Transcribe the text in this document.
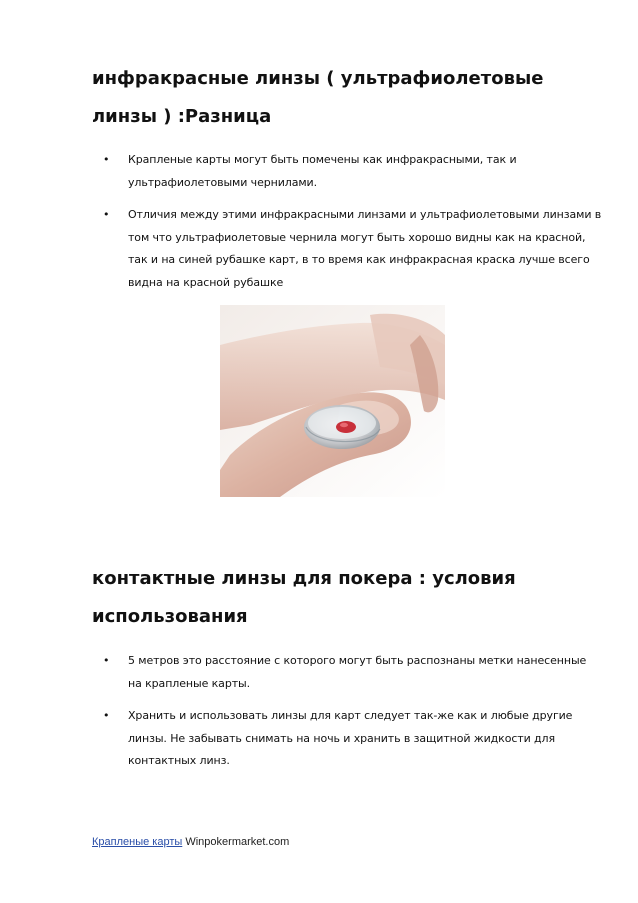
инфракрасные линзы ( ультрафиолетовые линзы ) :Разница
• Крапленые карты могут быть помечены как инфракрасными, так и ультрафиолетовыми чернилами.
• Отличия между этими инфракрасными линзами и ультрафиолетовыми линзами в том что ультрафиолетовые чернила могут быть хорошо видны как на красной, так и на синей рубашке карт, в то время как инфракрасная краска лучше всего видна на красной рубашке
контактные линзы для покера : условия использования
• 5 метров это расстояние с которого могут быть распознаны метки нанесенные на крапленые карты.
• Хранить и использовать линзы для карт следует так-же как и любые другие линзы. Не забывать снимать на ночь и хранить в защитной жидкости для контактных линз.
Крапленые карты Winpokermarket.com
